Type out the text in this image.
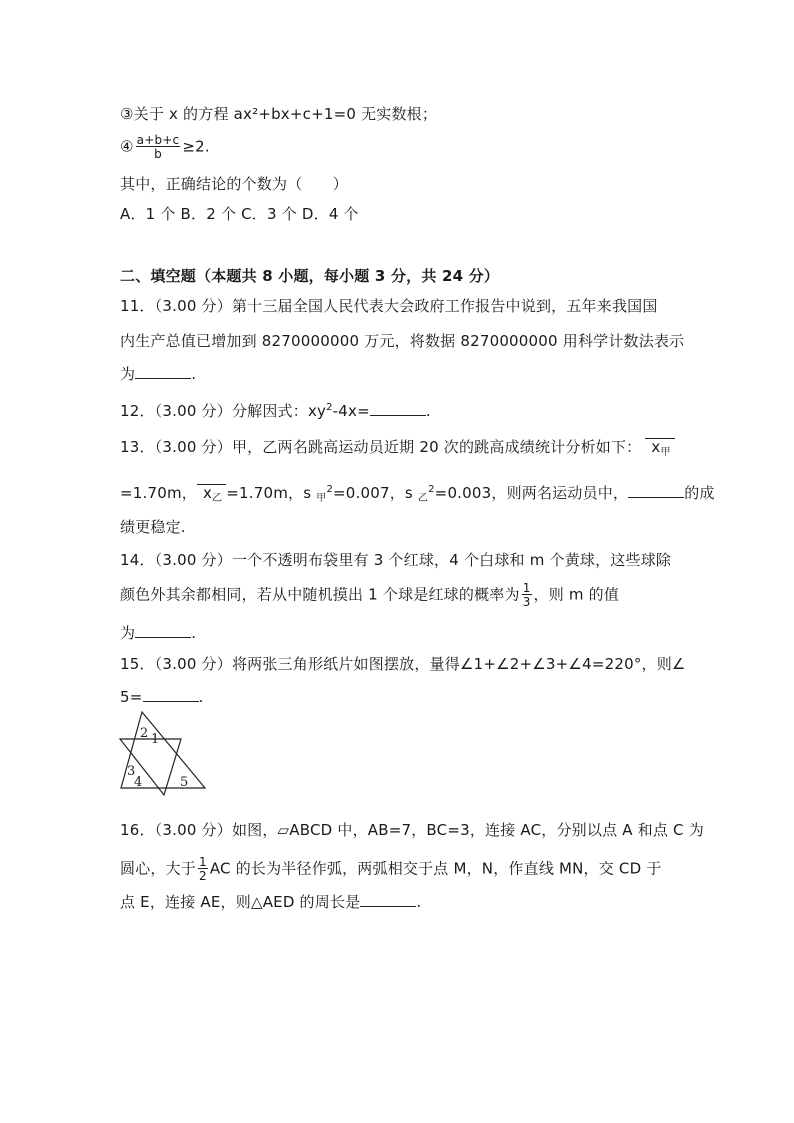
③关于 x 的方程 ax²+bx+c+1=0 无实数根；
④ $\frac{a+b+c}{b} \ge 2$.
其中，正确结论的个数为（　　）
A．1 个 B．2 个 C．3 个 D．4 个
二、填空题（本题共 8 小题，每小题 3 分，共 24 分）
11．（3.00 分）第十三届全国人民代表大会政府工作报告中说到，五年来我国国
内生产总值已增加到 8270000000 万元，将数据 8270000000 用科学计数法表示
为	.
12．（3.00 分）分解因式：$xy^2-4x=$	.
13．（3.00 分）甲，乙两名跳高运动员近期 20 次的跳高成绩统计分析如下： $x_甲$
=1.70m， $x_乙 =1.70m$，s $_甲^2$=0.007，s $_乙^2$=0.003，则两名运动员中，	的成
绩更稳定.
14．（3.00 分）一个不透明布袋里有 3 个红球，4 个白球和 m 个黄球，这些球除
颜色外其余都相同，若从中随机摸出 1 个球是红球的概率为 $\frac{1}{3}$ ，则 m 的值
为	.
15．（3.00 分）将两张三角形纸片如图摆放，量得∠1+∠2+∠3+∠4=220°，则∠
5=	.
2 1
3
4	5
16．（3.00 分）如图，▱ABCD 中，AB=7，BC=3，连接 AC，分别以点 A 和点 C 为
圆心，大于 $\frac{1}{2}$ AC 的长为半径作弧，两弧相交于点 M，N，作直线 MN，交 CD 于
点 E，连接 AE，则△AED 的周长是	.
